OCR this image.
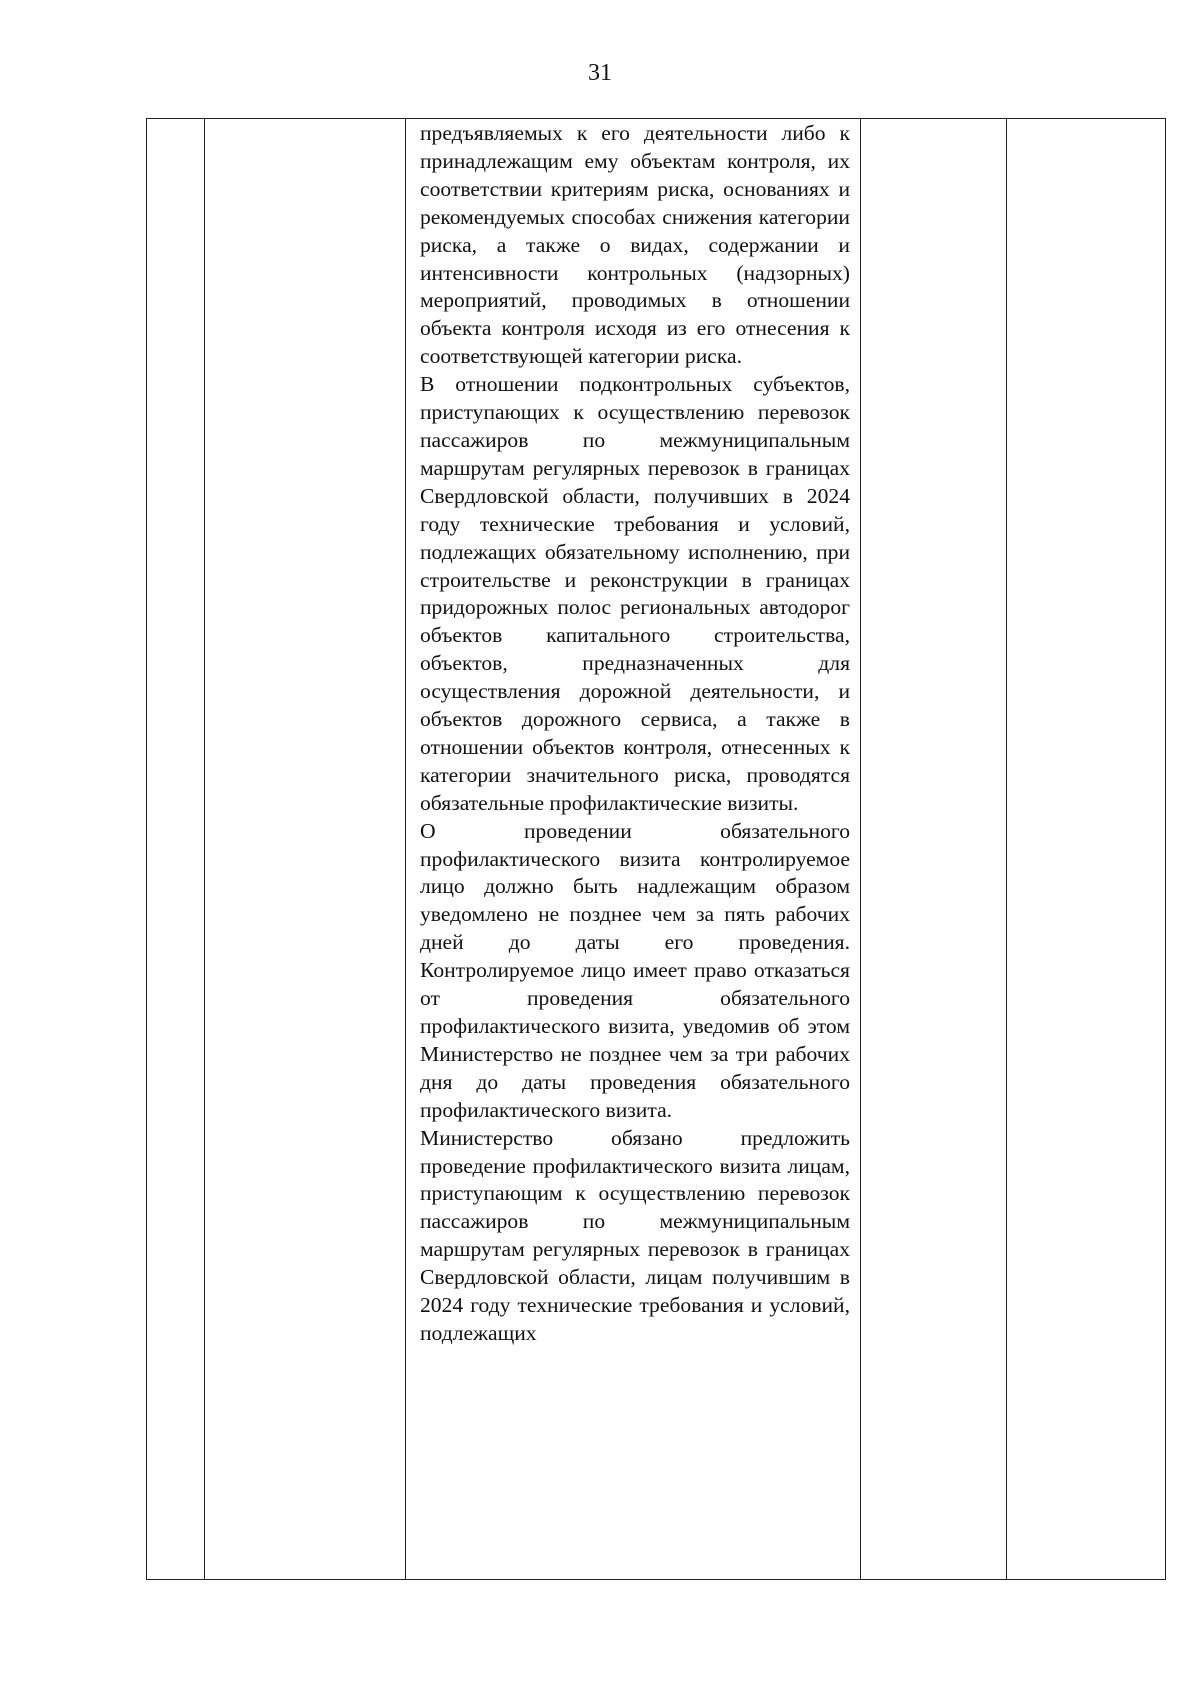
31

предъявляемых к его деятельности либо к принадлежащим ему объектам контроля, их соответствии критериям риска, основаниях и рекомендуемых способах снижения категории риска, а также о видах, содержании и интенсивности контрольных (надзорных) мероприятий, проводимых в отношении объекта контроля исходя из его отнесения к соответствующей категории риска.

В отношении подконтрольных субъектов, приступающих к осуществлению перевозок пассажиров по межмуниципальным маршрутам регулярных перевозок в границах Свердловской области, получивших в 2024 году технические требования и условий, подлежащих обязательному исполнению, при строительстве и реконструкции в границах придорожных полос региональных автодорог объектов капитального строительства, объектов, предназначенных для осуществления дорожной деятельности, и объектов дорожного сервиса, а также в отношении объектов контроля, отнесенных к категории значительного риска, проводятся обязательные профилактические визиты.

О проведении обязательного профилактического визита контролируемое лицо должно быть надлежащим образом уведомлено не позднее чем за пять рабочих дней до даты его проведения. Контролируемое лицо имеет право отказаться от проведения обязательного профилактического визита, уведомив об этом Министерство не позднее чем за три рабочих дня до даты проведения обязательного профилактического визита.

Министерство обязано предложить проведение профилактического визита лицам, приступающим к осуществлению перевозок пассажиров по межмуниципальным маршрутам регулярных перевозок в границах Свердловской области, лицам получившим в 2024 году технические требования и условий, подлежащих
